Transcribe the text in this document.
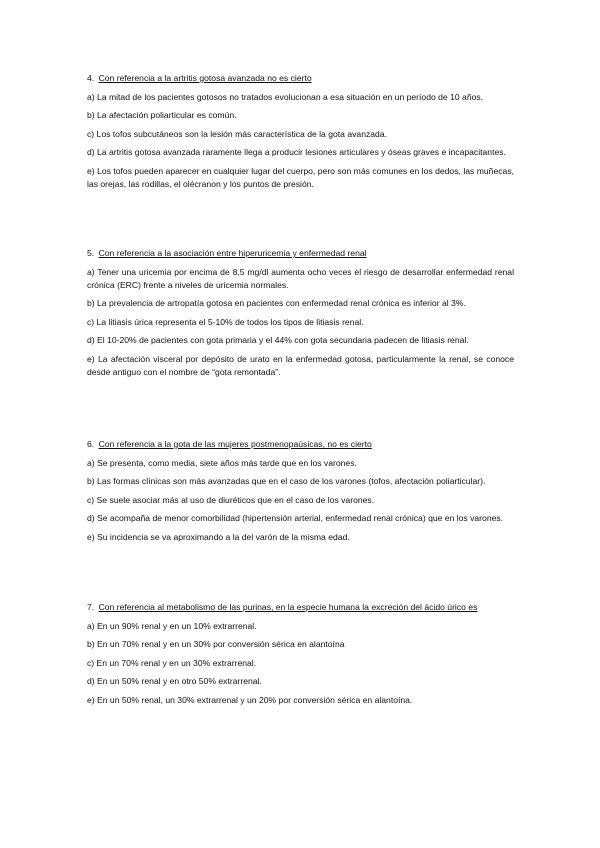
4. Con referencia a la artritis gotosa avanzada no es cierto

a) La mitad de los pacientes gotosos no tratados evolucionan a esa situación en un período de 10 años.

b) La afectación poliarticular es común.

c) Los tofos subcutáneos son la lesión más característica de la gota avanzada.

d) La artritis gotosa avanzada raramente llega a producir lesiones articulares y óseas graves e incapacitantes.

e) Los tofos pueden aparecer en cualquier lugar del cuerpo, pero son más comunes en los dedos, las muñecas, las orejas, las rodillas, el olécranon y los puntos de presión.

5. Con referencia a la asociación entre hiperuricemia y enfermedad renal

a) Tener una uricemia por encima de 8,5 mg/dl aumenta ocho veces el riesgo de desarrollar enfermedad renal crónica (ERC) frente a niveles de uricemia normales.

b) La prevalencia de artropatía gotosa en pacientes con enfermedad renal crónica es inferior al 3%.

c) La litiasis úrica representa el 5-10% de todos los tipos de litiasis renal.

d) El 10-20% de pacientes con gota primaria y el 44% con gota secundaria padecen de litiasis renal.

e) La afectación visceral por depósito de urato en la enfermedad gotosa, particularmente la renal, se conoce desde antiguo con el nombre de “gota remontada”.

6. Con referencia a la gota de las mujeres postmenopaúsicas, no es cierto

a) Se presenta, como media, siete años más tarde que en los varones.

b) Las formas clínicas son más avanzadas que en el caso de los varones (tofos, afectación poliarticular).

c) Se suele asociar más al uso de diuréticos que en el caso de los varones.

d) Se acompaña de menor comorbilidad (hipertensión arterial, enfermedad renal crónica) que en los varones.

e) Su incidencia se va aproximando a la del varón de la misma edad.

7. Con referencia al metabolismo de las purinas, en la especie humana la excreción del ácido úrico es

a) En un 90% renal y en un 10% extrarrenal.

b) En un 70% renal y en un 30% por conversión sérica en alantoína

c) En un 70% renal y en un 30% extrarrenal.

d) En un 50% renal y en otro 50% extrarrenal.

e) En un 50% renal, un 30% extrarrenal y un 20% por conversión sérica en alantoína.
